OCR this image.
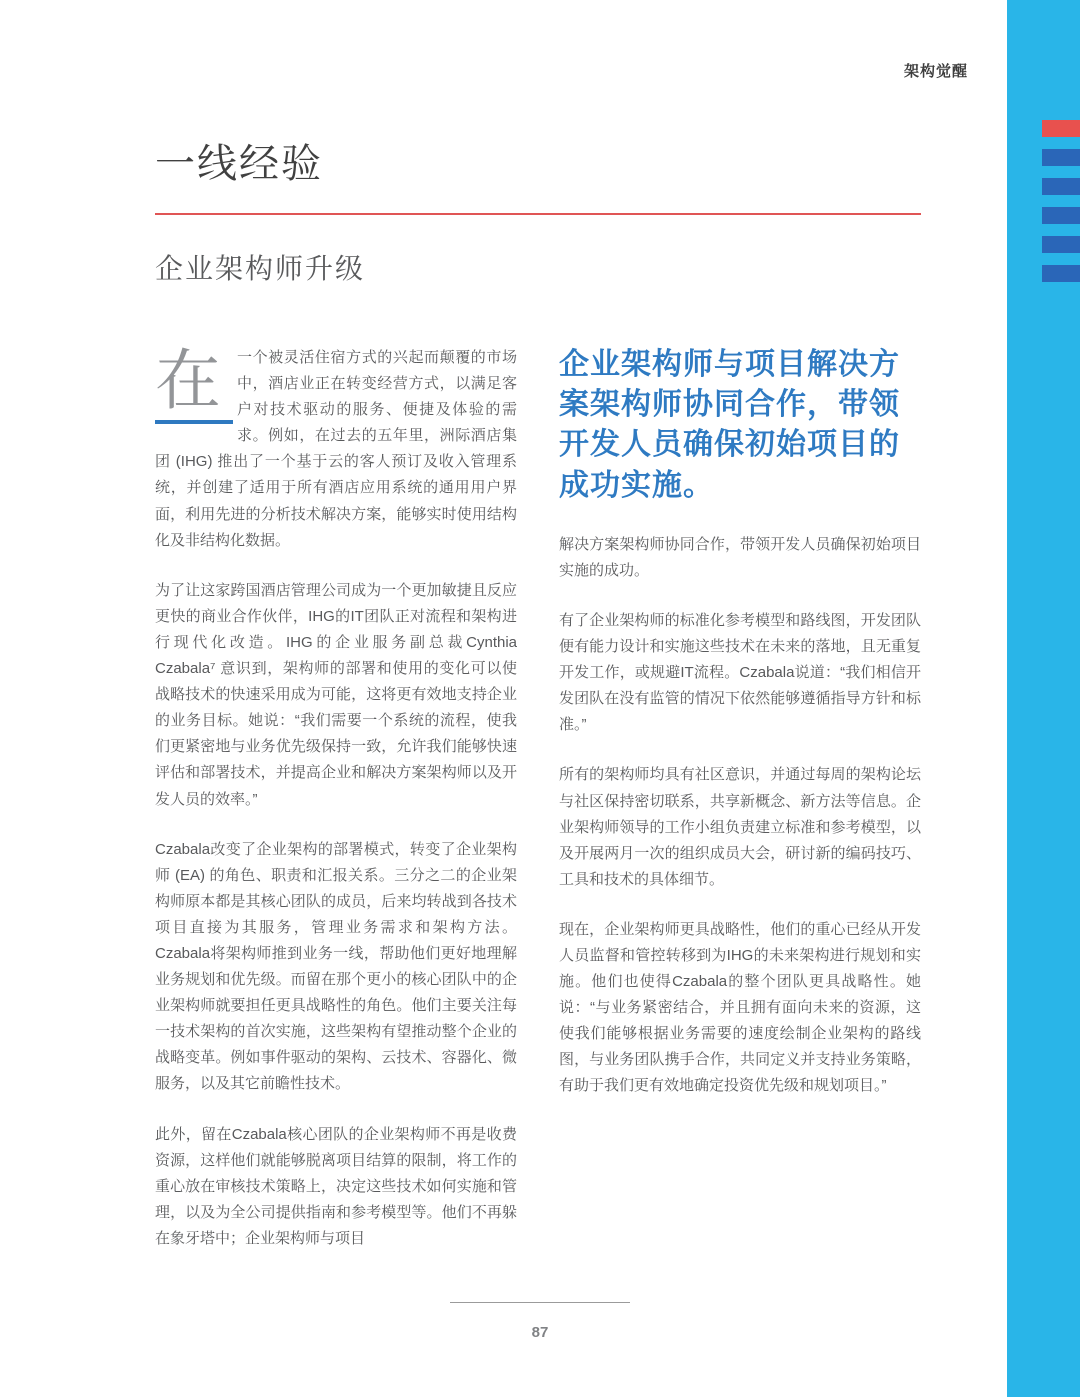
架构觉醒
一线经验
企业架构师升级

在	一个被灵活住宿方式的兴起而颠覆的市场中，酒店业正在转变经营方式，以满足客户对技术驱动的服务、便捷及体验的需求。例如，在过去的五年里，洲际酒店集团 (IHG) 推出了一个基于云的客人预订及收入管理系统，并创建了适用于所有酒店应用系统的通用用户界面，利用先进的分析技术解决方案，能够实时使用结构化及非结构化数据。

为了让这家跨国酒店管理公司成为一个更加敏捷且反应更快的商业合作伙伴，IHG的IT团队正对流程和架构进行现代化改造。IHG的企业服务副总裁Cynthia Czabala⁷ 意识到，架构师的部署和使用的变化可以使战略技术的快速采用成为可能，这将更有效地支持企业的业务目标。她说：“我们需要一个系统的流程，使我们更紧密地与业务优先级保持一致，允许我们能够快速评估和部署技术，并提高企业和解决方案架构师以及开发人员的效率。”

Czabala改变了企业架构的部署模式，转变了企业架构师 (EA) 的角色、职责和汇报关系。三分之二的企业架构师原本都是其核心团队的成员，后来均转战到各技术项目直接为其服务，管理业务需求和架构方法。Czabala将架构师推到业务一线，帮助他们更好地理解业务规划和优先级。而留在那个更小的核心团队中的企业架构师就要担任更具战略性的角色。他们主要关注每一技术架构的首次实施，这些架构有望推动整个企业的战略变革。例如事件驱动的架构、云技术、容器化、微服务，以及其它前瞻性技术。

此外，留在Czabala核心团队的企业架构师不再是收费资源，这样他们就能够脱离项目结算的限制，将工作的重心放在审核技术策略上，决定这些技术如何实施和管理，以及为全公司提供指南和参考模型等。他们不再躲在象牙塔中；企业架构师与项目

企业架构师与项目解决方案架构师协同合作，带领开发人员确保初始项目的成功实施。

解决方案架构师协同合作，带领开发人员确保初始项目实施的成功。

有了企业架构师的标准化参考模型和路线图，开发团队便有能力设计和实施这些技术在未来的落地，且无重复开发工作，或规避IT流程。Czabala说道：“我们相信开发团队在没有监管的情况下依然能够遵循指导方针和标准。”

所有的架构师均具有社区意识，并通过每周的架构论坛与社区保持密切联系，共享新概念、新方法等信息。企业架构师领导的工作小组负责建立标准和参考模型，以及开展两月一次的组织成员大会，研讨新的编码技巧、工具和技术的具体细节。

现在，企业架构师更具战略性，他们的重心已经从开发人员监督和管控转移到为IHG的未来架构进行规划和实施。他们也使得Czabala的整个团队更具战略性。她说：“与业务紧密结合，并且拥有面向未来的资源，这使我们能够根据业务需要的速度绘制企业架构的路线图，与业务团队携手合作，共同定义并支持业务策略，有助于我们更有效地确定投资优先级和规划项目。”

87
